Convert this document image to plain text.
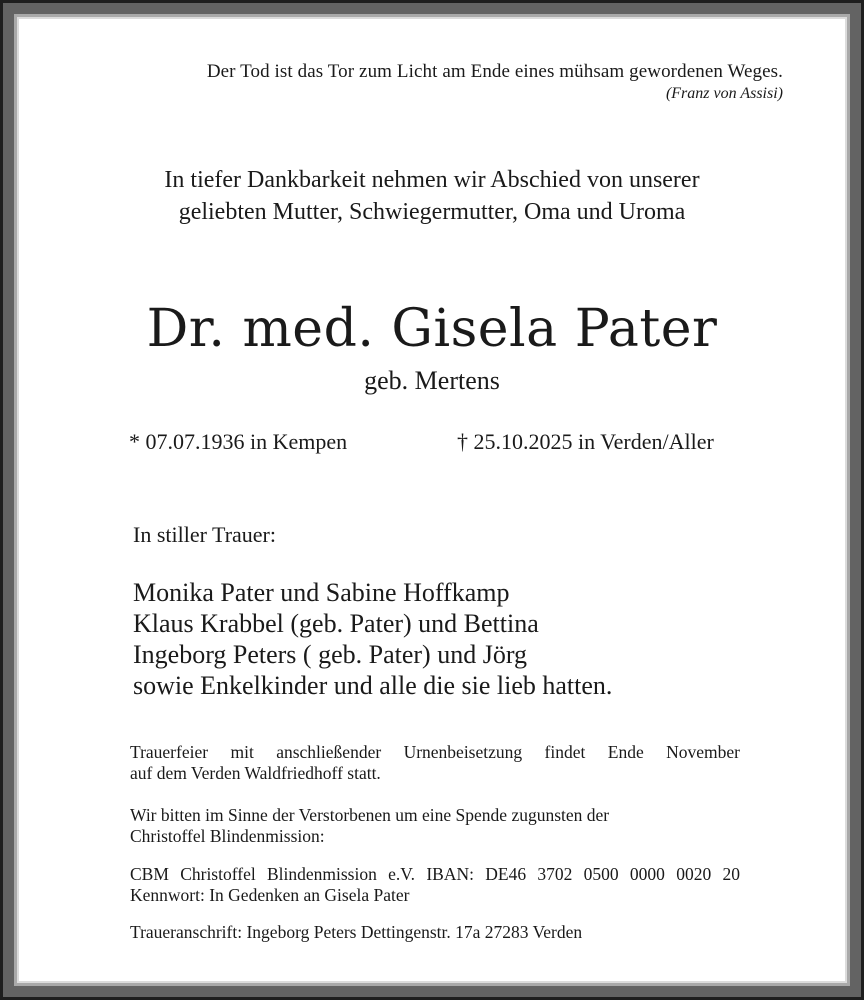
Der Tod ist das Tor zum Licht am Ende eines mühsam gewordenen Weges.
(Franz von Assisi)
In tiefer Dankbarkeit nehmen wir Abschied von unserer
geliebten Mutter, Schwiegermutter, Oma und Uroma
Dr. med. Gisela Pater
geb. Mertens
* 07.07.1936 in Kempen	† 25.10.2025 in Verden/Aller
In stiller Trauer:
Monika Pater und Sabine Hoffkamp
Klaus Krabbel (geb. Pater) und Bettina
Ingeborg Peters ( geb. Pater) und Jörg
sowie Enkelkinder und alle die sie lieb hatten.
Trauerfeier mit anschließender Urnenbeisetzung findet Ende November
auf dem Verden Waldfriedhoff statt.
Wir bitten im Sinne der Verstorbenen um eine Spende zugunsten der
Christoffel Blindenmission:
CBM Christoffel Blindenmission e.V. IBAN: DE46 3702 0500 0000 0020 20
Kennwort: In Gedenken an Gisela Pater
Traueranschrift: Ingeborg Peters Dettingenstr. 17a 27283 Verden
